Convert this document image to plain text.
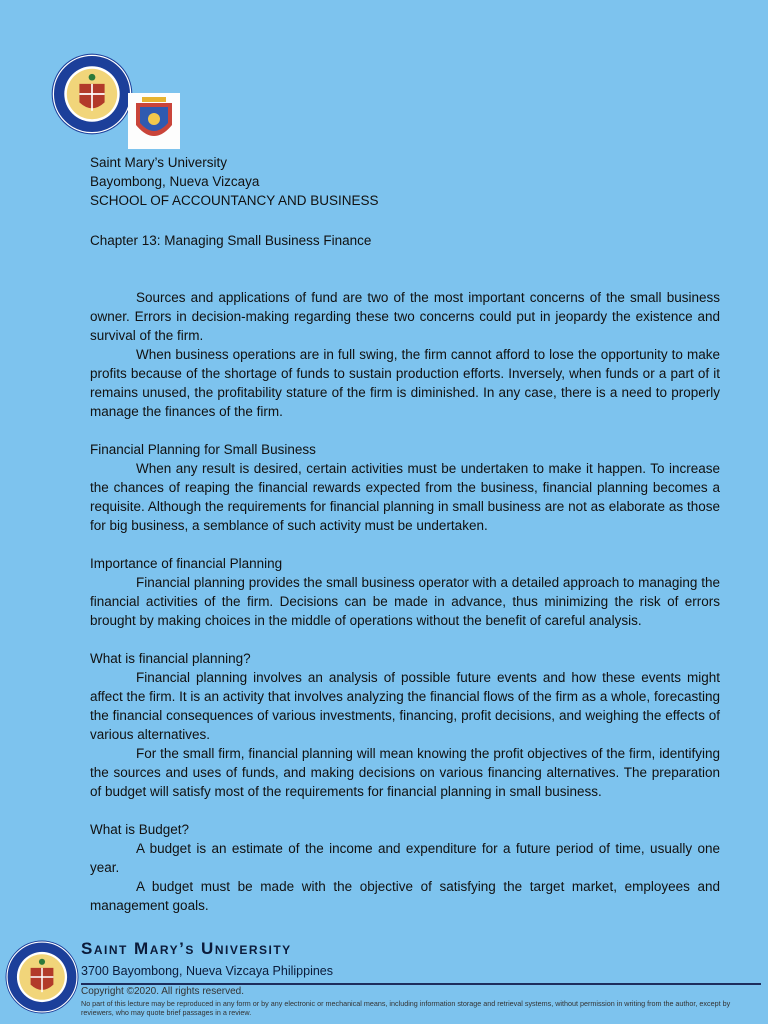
Saint Mary’s University
Bayombong, Nueva Vizcaya
SCHOOL OF ACCOUNTANCY AND BUSINESS

Chapter 13: Managing Small Business Finance

Sources and applications of fund are two of the most important concerns of the small business owner. Errors in decision-making regarding these two concerns could put in jeopardy the existence and survival of the firm.

When business operations are in full swing, the firm cannot afford to lose the opportunity to make profits because of the shortage of funds to sustain production efforts. Inversely, when funds or a part of it remains unused, the profitability stature of the firm is diminished. In any case, there is a need to properly manage the finances of the firm.

Financial Planning for Small Business

When any result is desired, certain activities must be undertaken to make it happen. To increase the chances of reaping the financial rewards expected from the business, financial planning becomes a requisite. Although the requirements for financial planning in small business are not as elaborate as those for big business, a semblance of such activity must be undertaken.

Importance of financial Planning

Financial planning provides the small business operator with a detailed approach to managing the financial activities of the firm. Decisions can be made in advance, thus minimizing the risk of errors brought by making choices in the middle of operations without the benefit of careful analysis.

What is financial planning?

Financial planning involves an analysis of possible future events and how these events might affect the firm. It is an activity that involves analyzing the financial flows of the firm as a whole, forecasting the financial consequences of various investments, financing, profit decisions, and weighing the effects of various alternatives.

For the small firm, financial planning will mean knowing the profit objectives of the firm, identifying the sources and uses of funds, and making decisions on various financing alternatives. The preparation of budget will satisfy most of the requirements for financial planning in small business.

What is Budget?

A budget is an estimate of the income and expenditure for a future period of time, usually one year.

A budget must be made with the objective of satisfying the target market, employees and management goals.

Saint Mary’s University
3700 Bayombong, Nueva Vizcaya Philippines
Copyright ©2020. All rights reserved.
No part of this lecture may be reproduced in any form or by any electronic or mechanical means, including information storage and retrieval systems, without permission in writing from the author, except by reviewers, who may quote brief passages in a review.
